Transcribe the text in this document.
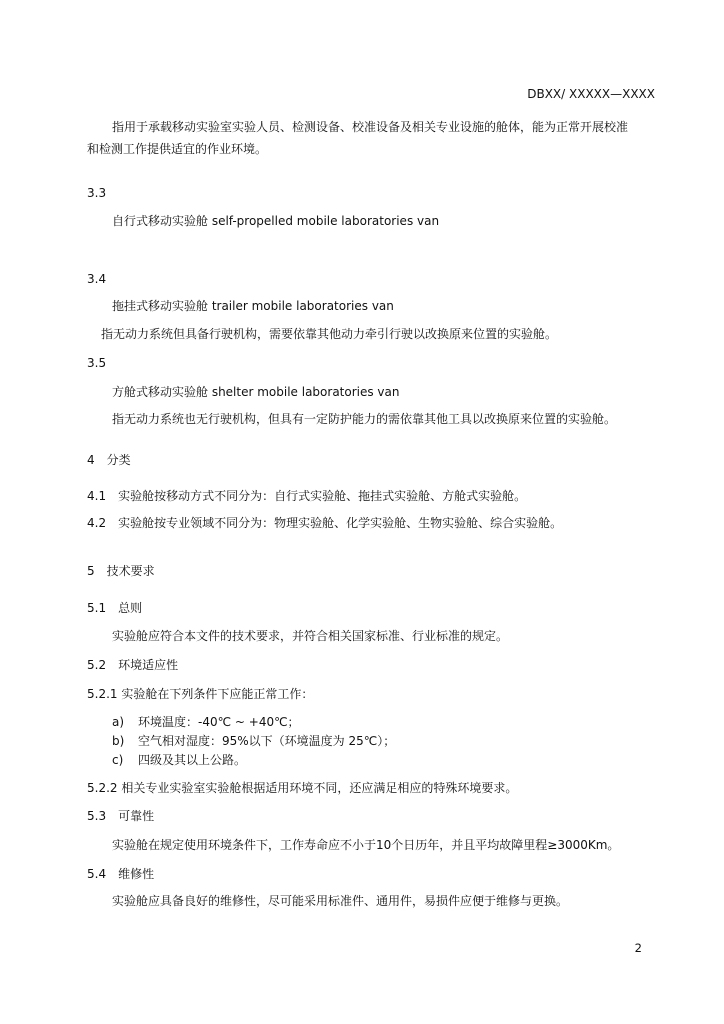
DBXX/ XXXXX—XXXX
指用于承载移动实验室实验人员、检测设备、校准设备及相关专业设施的舱体，能为正常开展校准
和检测工作提供适宜的作业环境。
3.3
自行式移动实验舱 self-propelled mobile laboratories van
3.4
拖挂式移动实验舱 trailer mobile laboratories van
指无动力系统但具备行驶机构，需要依靠其他动力牵引行驶以改换原来位置的实验舱。
3.5
方舱式移动实验舱 shelter mobile laboratories van
指无动力系统也无行驶机构，但具有一定防护能力的需依靠其他工具以改换原来位置的实验舱。
4　分类
4.1　实验舱按移动方式不同分为：自行式实验舱、拖挂式实验舱、方舱式实验舱。
4.2　实验舱按专业领域不同分为：物理实验舱、化学实验舱、生物实验舱、综合实验舱。
5　技术要求
5.1　总则
实验舱应符合本文件的技术要求，并符合相关国家标准、行业标准的规定。
5.2　环境适应性
5.2.1 实验舱在下列条件下应能正常工作：
a) 环境温度：-40℃ ~ +40℃；
b) 空气相对湿度：95%以下（环境温度为 25℃）；
c) 四级及其以上公路。
5.2.2 相关专业实验室实验舱根据适用环境不同，还应满足相应的特殊环境要求。
5.3　可靠性
实验舱在规定使用环境条件下，工作寿命应不小于10个日历年，并且平均故障里程≥3000Km。
5.4　维修性
实验舱应具备良好的维修性，尽可能采用标准件、通用件，易损件应便于维修与更换。
2
